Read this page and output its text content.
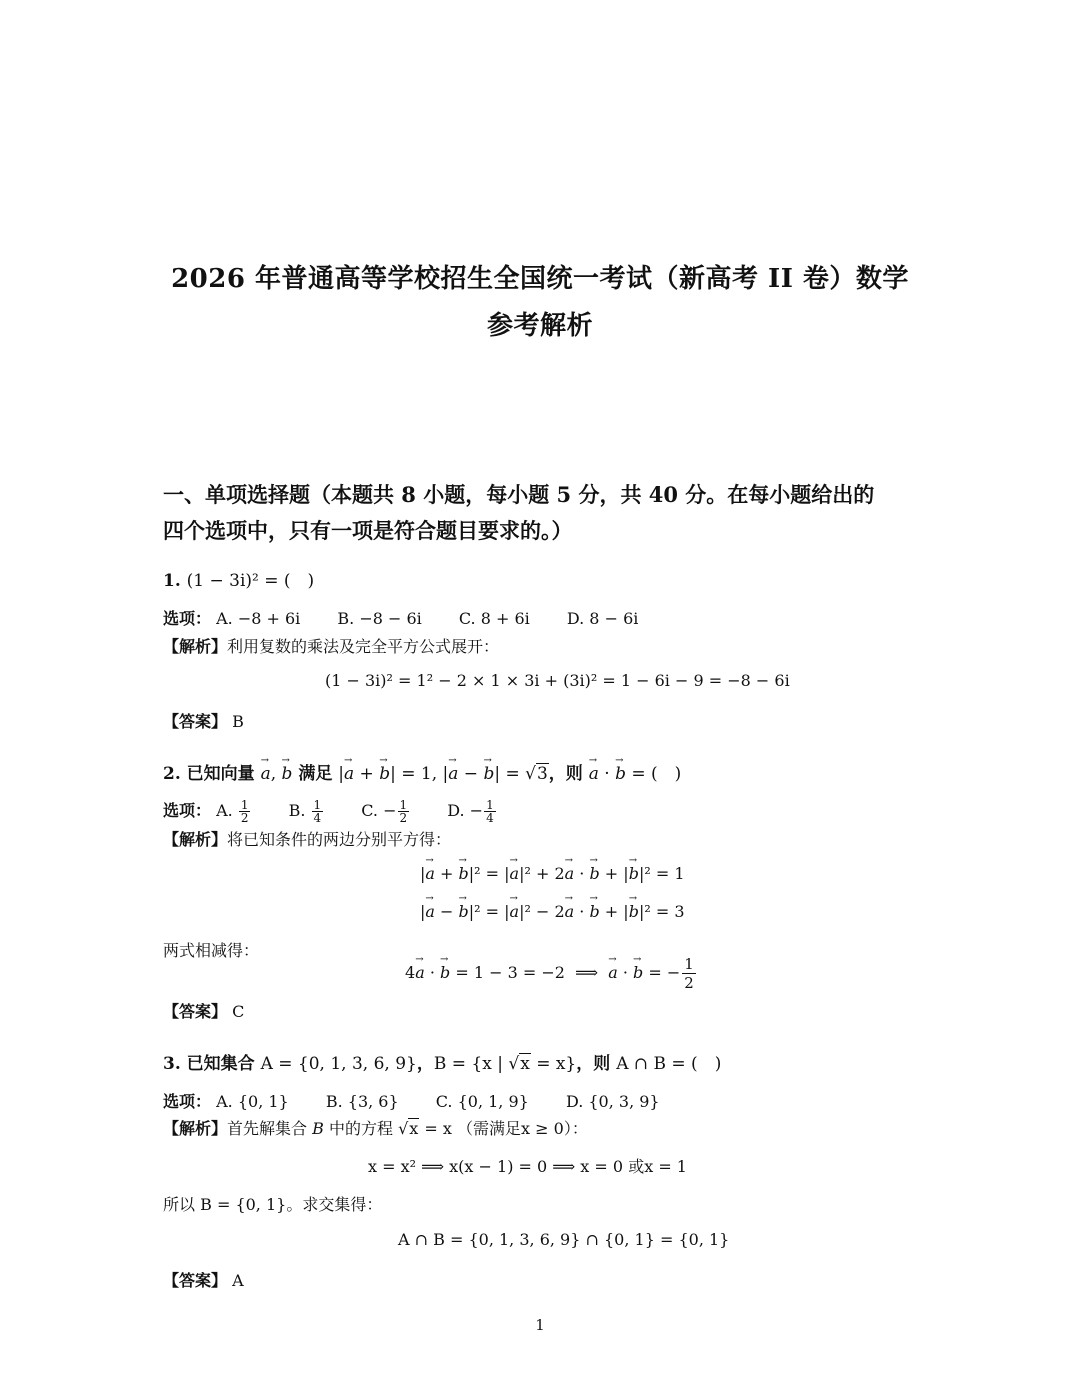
2026 年普通高等学校招生全国统一考试（新高考 II 卷）数学
参考解析
一、单项选择题（本题共 8 小题，每小题 5 分，共 40 分。在每小题给出的
四个选项中，只有一项是符合题目要求的。）
1. (1 − 3i)² = (　)
选项： A. −8 + 6i B. −8 − 6i C. 8 + 6i D. 8 − 6i
【解析】利用复数的乘法及完全平方公式展开：
(1 − 3i)² = 1² − 2 × 1 × 3i + (3i)² = 1 − 6i − 9 = −8 − 6i
【答案】 B
2. 已知向量 → a, → b 满足 |→ a + → b| = 1, |→ a − → b| = √3，则 → a · → b = (　)
选项： A. $\frac{1}{2} B$. $\frac{1}{4} C$. − $\frac{1}{2} D$. − $\frac{1}{4}$
【解析】将已知条件的两边分别平方得：
|→ a + → b|² = |→ a|² + 2→ a · → b + |→ b|² = 1
|→ a − → b|² = |→ a|² − 2→ a · → b + |→ b|² = 3
两式相减得：
4→ a · → b = 1 − 3 = −2  ⟹  → a · → b = − $\frac{1}{2}$
【答案】 C
3. 已知集合 A = {0, 1, 3, 6, 9}，B = {x | √x = x}，则 A ∩ B = (　)
选项： A. {0, 1} B. {3, 6} C. {0, 1, 9} D. {0, 3, 9}
【解析】首先解集合 B 中的方程 √x = x （需满足x ≥ 0）：
x = x² ⟹ x(x − 1) = 0 ⟹ x = 0 或x = 1
所以 B = {0, 1}。求交集得：
A ∩ B = {0, 1, 3, 6, 9} ∩ {0, 1} = {0, 1}
【答案】 A
1
